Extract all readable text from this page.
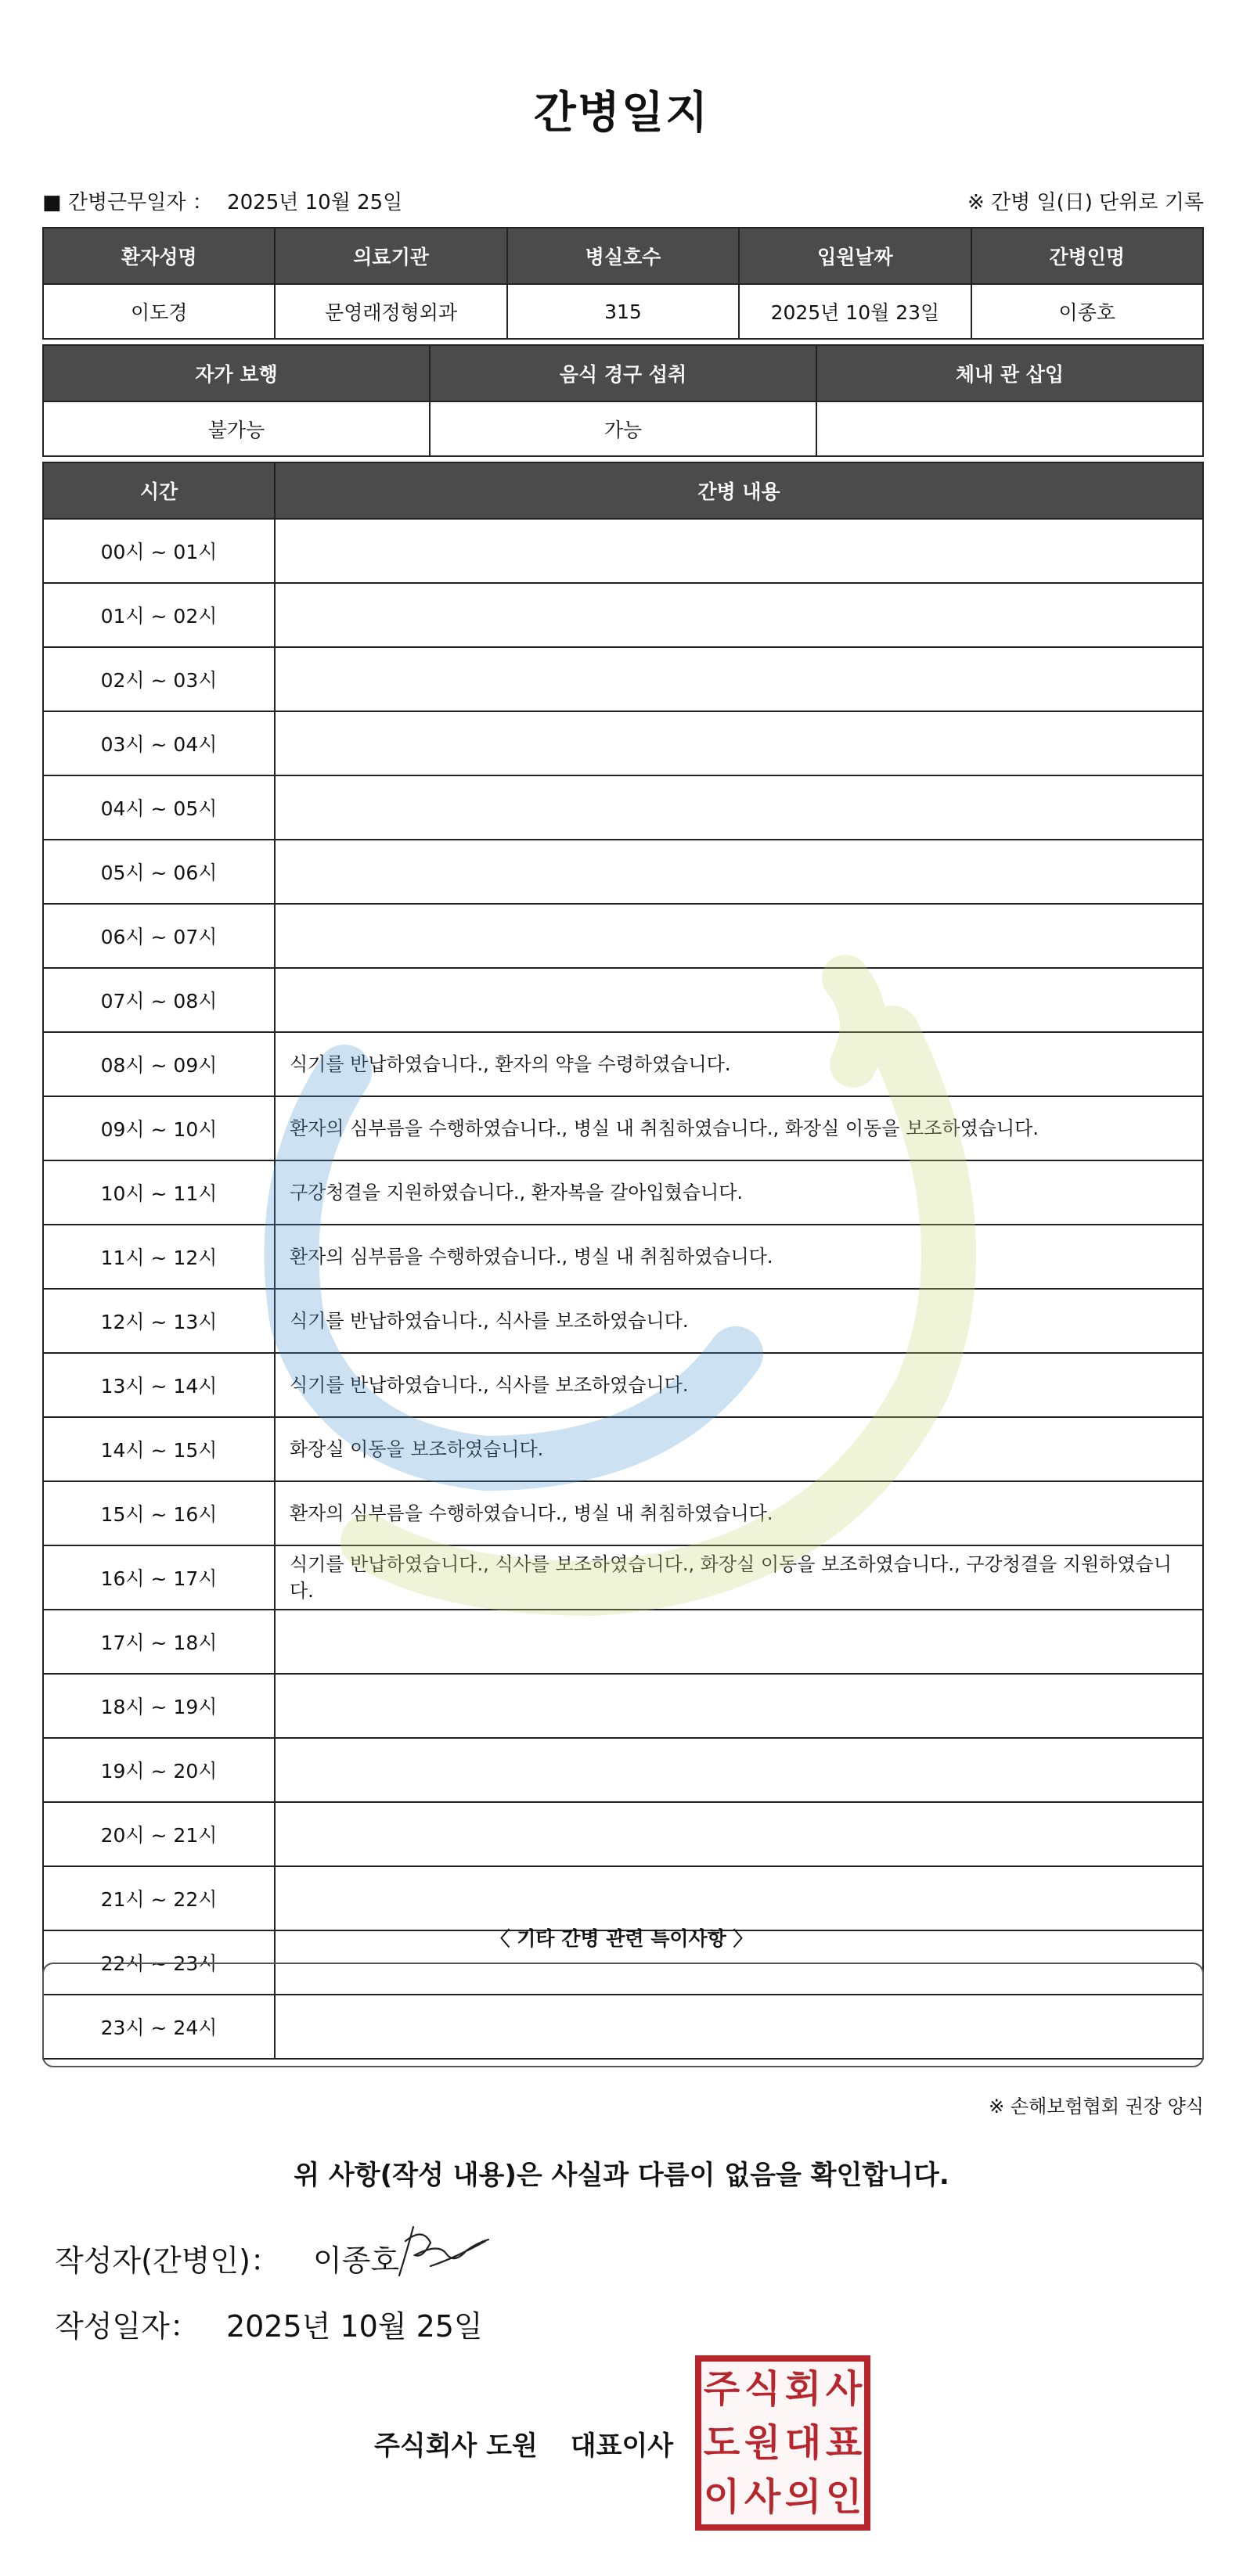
간병일지
■ 간병근무일자 ： 2025년 10월 25일	※ 간병 일(日) 단위로 기록
환자성명	의료기관	병실호수	입원날짜	간병인명
이도경	문영래정형외과	315	2025년 10월 23일	이종호
자가 보행	음식 경구 섭취	체내 관 삽입
불가능	가능	
시간	간병 내용
00시 ~ 01시	
01시 ~ 02시	
02시 ~ 03시	
03시 ~ 04시	
04시 ~ 05시	
05시 ~ 06시	
06시 ~ 07시	
07시 ~ 08시	
08시 ~ 09시	식기를 반납하였습니다., 환자의 약을 수령하였습니다.
09시 ~ 10시	환자의 심부름을 수행하였습니다., 병실 내 취침하였습니다., 화장실 이동을 보조하였습니다.
10시 ~ 11시	구강청결을 지원하였습니다., 환자복을 갈아입혔습니다.
11시 ~ 12시	환자의 심부름을 수행하였습니다., 병실 내 취침하였습니다.
12시 ~ 13시	식기를 반납하였습니다., 식사를 보조하였습니다.
13시 ~ 14시	식기를 반납하였습니다., 식사를 보조하였습니다.
14시 ~ 15시	화장실 이동을 보조하였습니다.
15시 ~ 16시	환자의 심부름을 수행하였습니다., 병실 내 취침하였습니다.
16시 ~ 17시	식기를 반납하였습니다., 식사를 보조하였습니다., 화장실 이동을 보조하였습니다., 구강청결을 지원하였습니다.
17시 ~ 18시	
18시 ~ 19시	
19시 ~ 20시	
20시 ~ 21시	
21시 ~ 22시	
22시 ~ 23시	
23시 ~ 24시	
〈 기타 간병 관련 특이사항 〉
※ 손해보험협회 권장 양식
위 사항(작성 내용)은 사실과 다름이 없음을 확인합니다.
작성자(간병인)： 이종호
작성일자： 2025년 10월 25일
주식회사 도원 대표이사
주 식 회 사
도 원 대 표
이 사 의 인
